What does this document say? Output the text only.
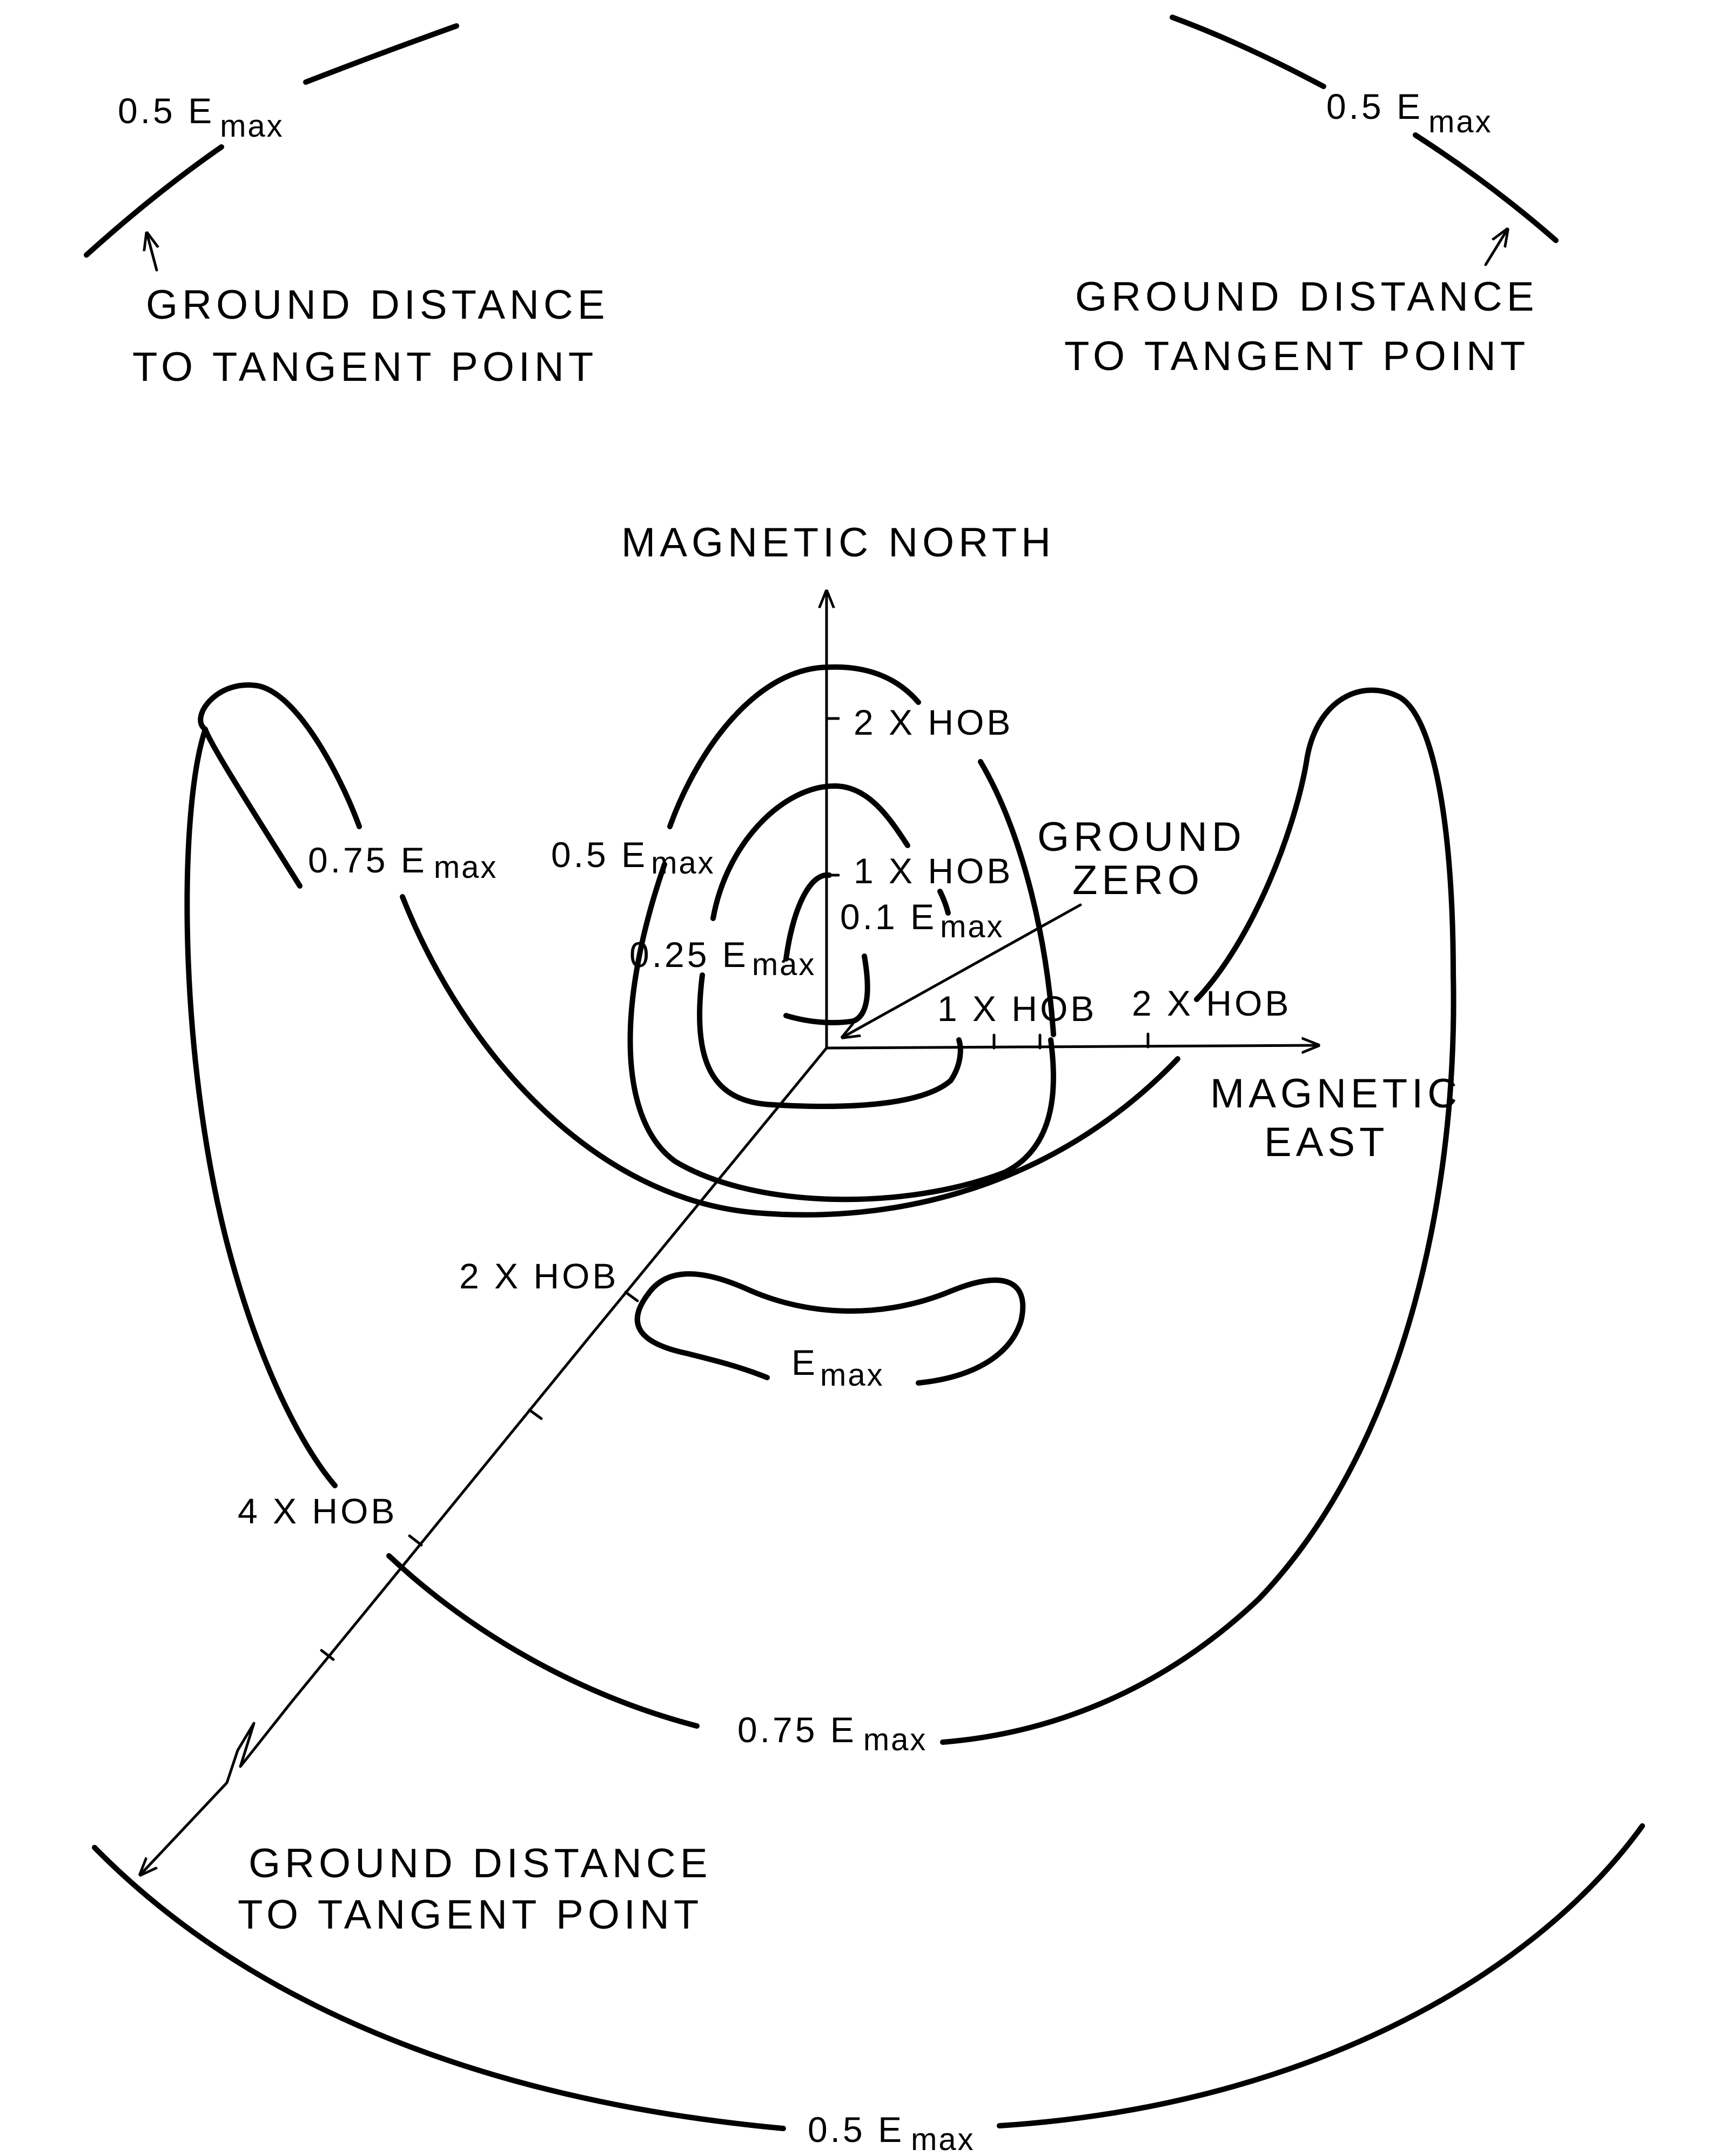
0.5 E max
GROUND DISTANCE
TO TANGENT POINT
0.5 E max
GROUND DISTANCE
TO TANGENT POINT
MAGNETIC NORTH
MAGNETIC
EAST
GROUND
ZERO
0.1 E max
0.25 E max
0.5 E max
0.75 E max
0.75 E max
Emax
0.5 E max
2 X HOB
1 X HOB
1 X HOB 2 X HOB
2 X HOB
4 X HOB
GROUND DISTANCE
TO TANGENT POINT
